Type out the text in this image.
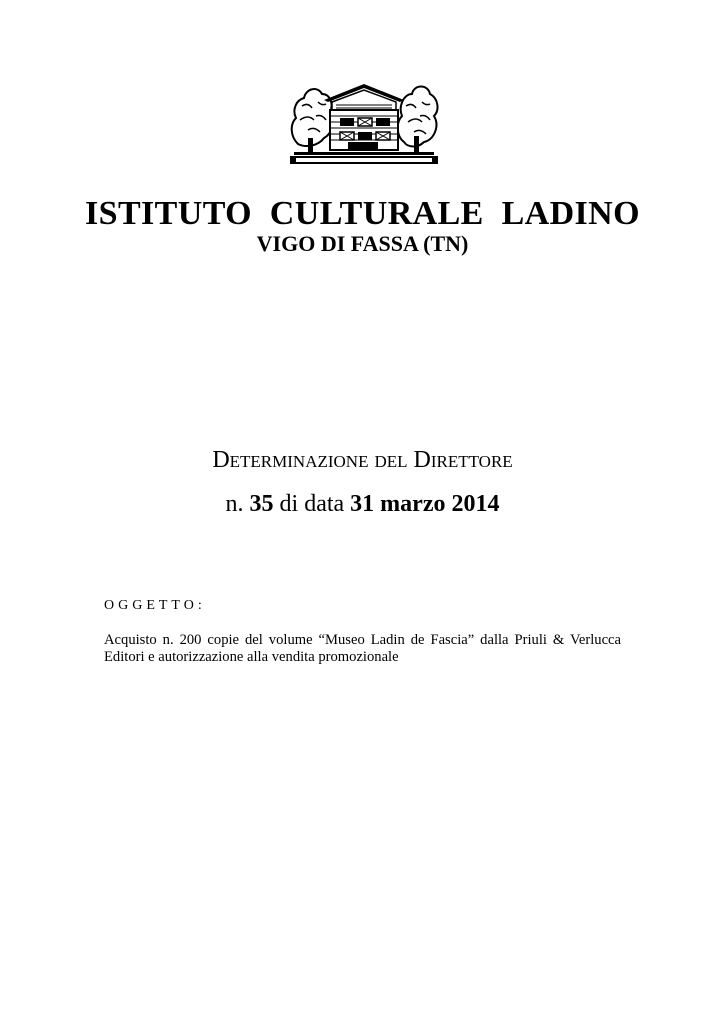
ISTITUTO  CULTURALE  LADINO
VIGO DI FASSA (TN)
Determinazione del Direttore
n. 35 di data 31 marzo 2014
OGGETTO:
Acquisto n. 200 copie del volume “Museo Ladin de Fascia” dalla Priuli & Verlucca Editori e autorizzazione alla vendita promozionale
